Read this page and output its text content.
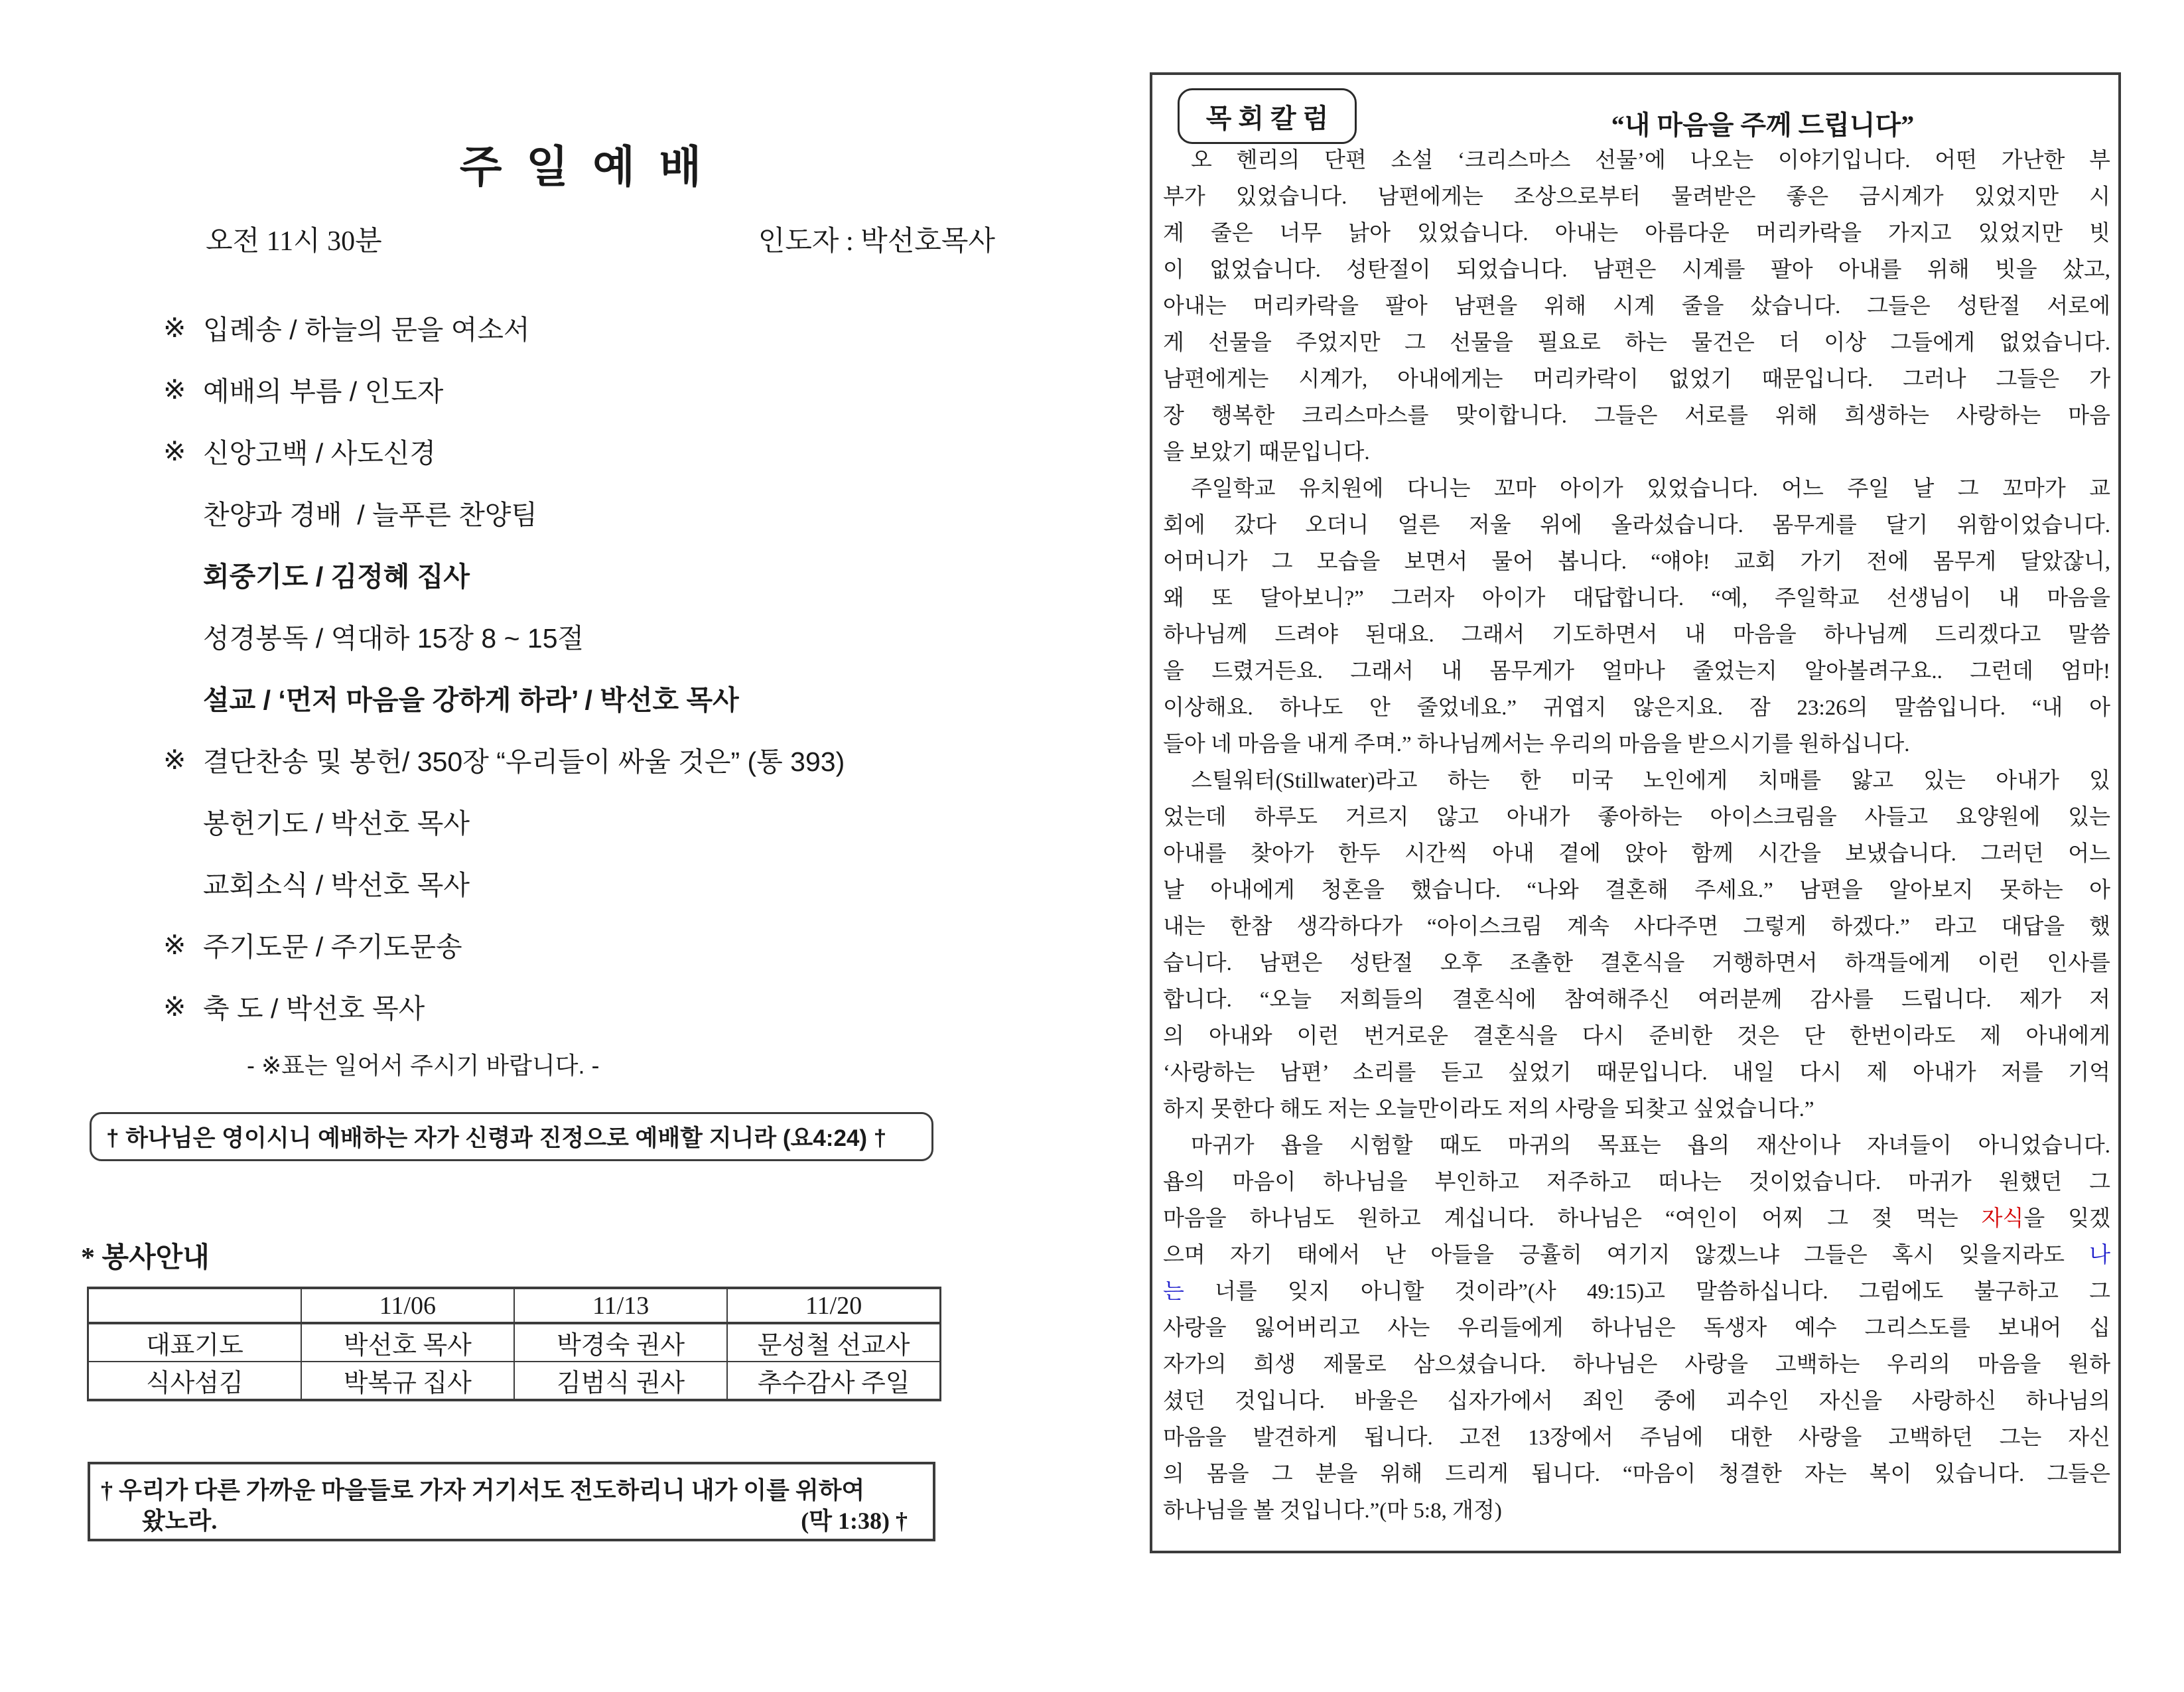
주 일 예 배
오전 11시 30분	인도자 : 박선호목사
※ 입례송 / 하늘의 문을 여소서
※ 예배의 부름 / 인도자
※ 신앙고백 / 사도신경
찬양과 경배  / 늘푸른 찬양팀
회중기도 / 김정혜 집사
성경봉독 / 역대하 15장 8 ~ 15절
설교 / ‘먼저 마음을 강하게 하라’ / 박선호 목사
※ 결단찬송 및 봉헌/ 350장 “우리들이 싸울 것은” (통 393)
봉헌기도 / 박선호 목사
교회소식 / 박선호 목사
※ 주기도문 / 주기도문송
※ 축 도 / 박선호 목사
- ※표는 일어서 주시기 바랍니다. -
† 하나님은 영이시니 예배하는 자가 신령과 진정으로 예배할 지니라 (요4:24) †
* 봉사안내
	11/06	11/13	11/20
대표기도	박선호 목사	박경숙 권사	문성철 선교사
식사섬김	박복규 집사	김범식 권사	추수감사 주일
† 우리가 다른 가까운 마을들로 가자 거기서도 전도하리니 내가 이를 위하여
왔노라.	(막 1:38) †
목 회 칼 럼	“내 마음을 주께 드립니다”
오 헨리의 단편 소설 ‘크리스마스 선물’에 나오는 이야기입니다. 어떤 가난한 부
부가 있었습니다. 남편에게는 조상으로부터 물려받은 좋은 금시계가 있었지만 시
계 줄은 너무 낡아 있었습니다. 아내는 아름다운 머리카락을 가지고 있었지만 빗
이 없었습니다. 성탄절이 되었습니다. 남편은 시계를 팔아 아내를 위해 빗을 샀고,
아내는 머리카락을 팔아 남편을 위해 시계 줄을 샀습니다. 그들은 성탄절 서로에
게 선물을 주었지만 그 선물을 필요로 하는 물건은 더 이상 그들에게 없었습니다.
남편에게는 시계가, 아내에게는 머리카락이 없었기 때문입니다. 그러나 그들은 가
장 행복한 크리스마스를 맞이합니다. 그들은 서로를 위해 희생하는 사랑하는 마음
을 보았기 때문입니다.
주일학교 유치원에 다니는 꼬마 아이가 있었습니다. 어느 주일 날 그 꼬마가 교
회에 갔다 오더니 얼른 저울 위에 올라섰습니다. 몸무게를 달기 위함이었습니다.
어머니가 그 모습을 보면서 물어 봅니다. “얘야! 교회 가기 전에 몸무게 달았잖니,
왜 또 달아보니?” 그러자 아이가 대답합니다. “예, 주일학교 선생님이 내 마음을
하나님께 드려야 된대요. 그래서 기도하면서 내 마음을 하나님께 드리겠다고 말씀
을 드렸거든요. 그래서 내 몸무게가 얼마나 줄었는지 알아볼려구요.. 그런데 엄마!
이상해요. 하나도 안 줄었네요.” 귀엽지 않은지요. 잠 23:26의 말씀입니다. “내 아
들아 네 마음을 내게 주며.” 하나님께서는 우리의 마음을 받으시기를 원하십니다.
스틸워터(Stillwater)라고 하는 한 미국 노인에게 치매를 앓고 있는 아내가 있
었는데 하루도 거르지 않고 아내가 좋아하는 아이스크림을 사들고 요양원에 있는
아내를 찾아가 한두 시간씩 아내 곁에 앉아 함께 시간을 보냈습니다. 그러던 어느
날 아내에게 청혼을 했습니다. “나와 결혼해 주세요.” 남편을 알아보지 못하는 아
내는 한참 생각하다가 “아이스크림 계속 사다주면 그렇게 하겠다.” 라고 대답을 했
습니다. 남편은 성탄절 오후 조촐한 결혼식을 거행하면서 하객들에게 이런 인사를
합니다. “오늘 저희들의 결혼식에 참여해주신 여러분께 감사를 드립니다. 제가 저
의 아내와 이런 번거로운 결혼식을 다시 준비한 것은 단 한번이라도 제 아내에게
‘사랑하는 남편’ 소리를 듣고 싶었기 때문입니다. 내일 다시 제 아내가 저를 기억
하지 못한다 해도 저는 오늘만이라도 저의 사랑을 되찾고 싶었습니다.”
마귀가 욥을 시험할 때도 마귀의 목표는 욥의 재산이나 자녀들이 아니었습니다.
욥의 마음이 하나님을 부인하고 저주하고 떠나는 것이었습니다. 마귀가 원했던 그
마음을 하나님도 원하고 계십니다. 하나님은 “여인이 어찌 그 젖 먹는 자식을 잊겠
으며 자기 태에서 난 아들을 긍휼히 여기지 않겠느냐 그들은 혹시 잊을지라도 나
는 너를 잊지 아니할 것이라”(사 49:15)고 말씀하십니다. 그럼에도 불구하고 그
사랑을 잃어버리고 사는 우리들에게 하나님은 독생자 예수 그리스도를 보내어 십
자가의 희생 제물로 삼으셨습니다. 하나님은 사랑을 고백하는 우리의 마음을 원하
셨던 것입니다. 바울은 십자가에서 죄인 중에 괴수인 자신을 사랑하신 하나님의
마음을 발견하게 됩니다. 고전 13장에서 주님에 대한 사랑을 고백하던 그는 자신
의 몸을 그 분을 위해 드리게 됩니다. “마음이 청결한 자는 복이 있습니다. 그들은
하나님을 볼 것입니다.”(마 5:8, 개정)
